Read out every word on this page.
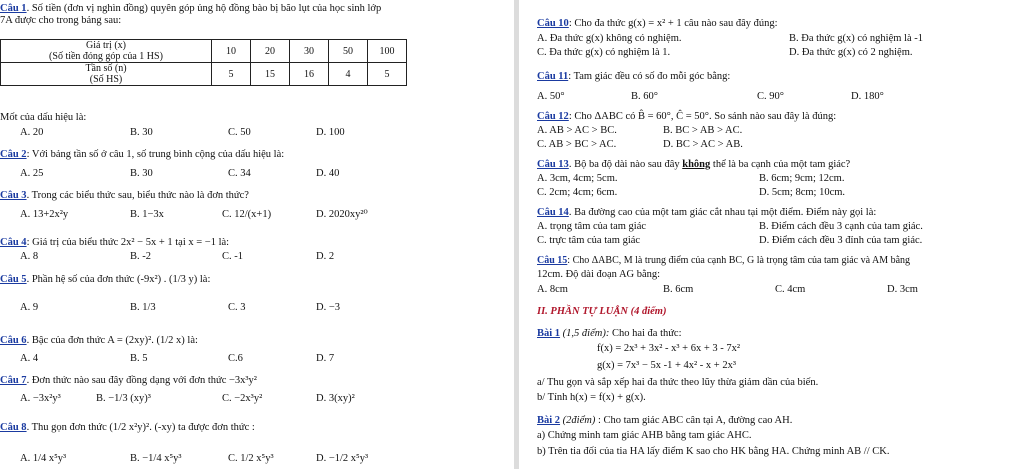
Câu 1. Số tiền (đơn vị nghìn đồng) quyên góp ủng hộ đồng bào bị bão lụt của học sinh lớp
7A được cho trong bảng sau:
Giá trị (x)
(Số tiền đóng góp của 1 HS)	10	20	30	50	100

Tần số (n)
(Số HS)	5	15	16	4	5
Mốt của dấu hiệu là:
A. 20	B. 30	C. 50	D. 100
Câu 2: Với bảng tần số ở câu 1, số trung bình cộng của dấu hiệu là:
A. 25	B. 30	C. 34	D. 40
Câu 3. Trong các biểu thức sau, biểu thức nào là đơn thức?
A. 13+2x²y	B. 1−3x	C. 12/(x+1)	D. 2020xy²⁰
Câu 4: Giá trị của biểu thức 2x² − 5x + 1 tại x = −1 là:
A. 8	B. -2	C. -1	D. 2
Câu 5. Phần hệ số của đơn thức (-9x²) . (1/3 y) là:
A. 9	B. 1/3	C. 3	D. −3
Câu 6. Bậc của đơn thức A = (2xy)². (1/2 x) là:
A. 4	B. 5	C.6	D. 7
Câu 7. Đơn thức nào sau đây đồng dạng với đơn thức −3x³y²
A. −3x²y³	B. −1/3 (xy)³	C. −2x³y²	D. 3(xy)²
Câu 8. Thu gọn đơn thức (1/2 x²y)². (-xy) ta được đơn thức :
A. 1/4 x⁵y³	B. −1/4 x⁵y³	C. 1/2 x⁵y³	D. −1/2 x⁵y³
Câu 10: Cho đa thức g(x) = x² + 1 câu nào sau đây đúng:
A. Đa thức g(x) không có nghiệm.	B. Đa thức g(x) có nghiệm là -1
C. Đa thức g(x) có nghiệm là 1.	D. Đa thức g(x) có 2 nghiệm.
Câu 11: Tam giác đều có số đo mỗi góc bằng:
A. 50°	B. 60°	C. 90°	D. 180°
Câu 12: Cho ΔABC có B̂ = 60°, Ĉ = 50°. So sánh nào sau đây là đúng:
A. AB > AC > BC.	B. BC > AB > AC.
C. AB > BC > AC.	D. BC > AC > AB.
Câu 13. Bộ ba độ dài nào sau đây không thể là ba cạnh của một tam giác?
A. 3cm, 4cm; 5cm.	B. 6cm; 9cm; 12cm.
C. 2cm; 4cm; 6cm.	D. 5cm; 8cm; 10cm.
Câu 14. Ba đường cao của một tam giác cắt nhau tại một điểm. Điểm này gọi là:
A. trọng tâm của tam giác	B. Điểm cách đều 3 cạnh của tam giác.
C. trực tâm của tam giác	D. Điểm cách đều 3 đỉnh của tam giác.
Câu 15: Cho ΔABC, M là trung điểm của cạnh BC, G là trọng tâm của tam giác và AM bằng
12cm. Độ dài đoạn AG bằng:
A. 8cm	B. 6cm	C. 4cm	D. 3cm
II. PHẦN TỰ LUẬN (4 điểm)
Bài 1 (1,5 điểm): Cho hai đa thức:
f(x) = 2x³ + 3x² - x³ + 6x + 3 - 7x²
g(x) = 7x³ − 5x -1 + 4x² - x + 2x³
a/ Thu gọn và sắp xếp hai đa thức theo lũy thừa giảm dần của biến.
b/ Tính h(x) = f(x) + g(x).
Bài 2 (2điểm) : Cho tam giác ABC cân tại A, đường cao AH.
a) Chứng minh tam giác AHB bằng tam giác AHC.
b) Trên tia đối của tia HA lấy điểm K sao cho HK bằng HA. Chứng minh AB // CK.
